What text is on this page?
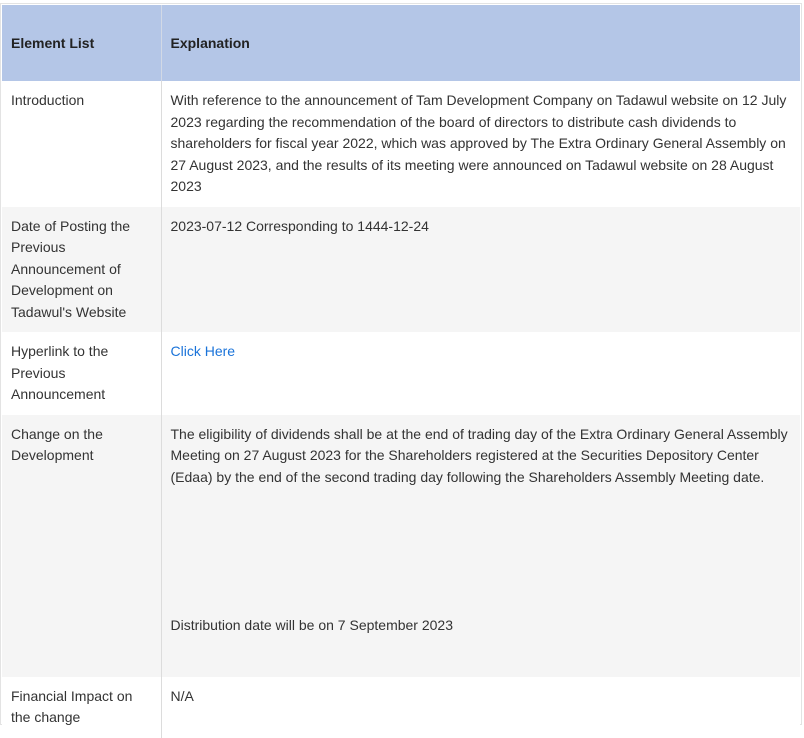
Element List	Explanation
Introduction	With reference to the announcement of Tam Development Company on Tadawul website on 12 July 2023 regarding the recommendation of the board of directors to distribute cash dividends to shareholders for fiscal year 2022, which was approved by The Extra Ordinary General Assembly on 27 August 2023, and the results of its meeting were announced on Tadawul website on 28 August 2023
Date of Posting the Previous Announcement of Development on Tadawul's Website	2023-07-12 Corresponding to 1444-12-24
Hyperlink to the Previous Announcement	Click Here
Change on the Development	The eligibility of dividends shall be at the end of trading day of the Extra Ordinary General Assembly Meeting on 27 August 2023 for the Shareholders registered at the Securities Depository Center (Edaa) by the end of the second trading day following the Shareholders Assembly Meeting date.
Distribution date will be on 7 September 2023

Financial Impact on the change	N/A
